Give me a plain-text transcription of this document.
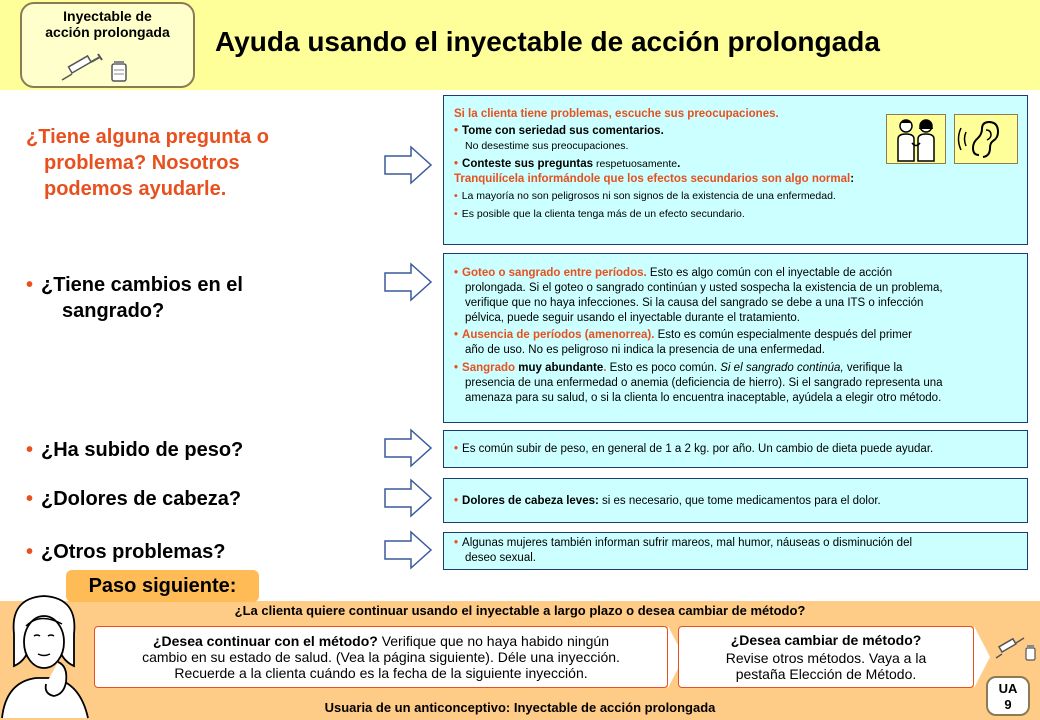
Inyectable de
acción prolongada	Ayuda usando el inyectable de acción prolongada
¿Tiene alguna pregunta o
problema? Nosotros
podemos ayudarle.
• ¿Tiene cambios en el
sangrado?
• ¿Ha subido de peso?
• ¿Dolores de cabeza?
• ¿Otros problemas?
Si la clienta tiene problemas, escuche sus preocupaciones.
• Tome con seriedad sus comentarios.
No desestime sus preocupaciones.
• Conteste sus preguntas respetuosamente.
Tranquilícela informándole que los efectos secundarios son algo normal:
• La mayoría no son peligrosos ni son signos de la existencia de una enfermedad.
• Es posible que la clienta tenga más de un efecto secundario.
• Goteo o sangrado entre períodos. Esto es algo común con el inyectable de acción
prolongada. Si el goteo o sangrado continúan y usted sospecha la existencia de un problema,
verifique que no haya infecciones. Si la causa del sangrado se debe a una ITS o infección
pélvica, puede seguir usando el inyectable durante el tratamiento.
• Ausencia de períodos (amenorrea). Esto es común especialmente después del primer
año de uso. No es peligroso ni indica la presencia de una enfermedad.
• Sangrado muy abundante. Esto es poco común. Si el sangrado continúa, verifique la
presencia de una enfermedad o anemia (deficiencia de hierro). Si el sangrado representa una
amenaza para su salud, o si la clienta lo encuentra inaceptable, ayúdela a elegir otro método.
• Es común subir de peso, en general de 1 a 2 kg. por año. Un cambio de dieta puede ayudar.
• Dolores de cabeza leves: si es necesario, que tome medicamentos para el dolor.
• Algunas mujeres también informan sufrir mareos, mal humor, náuseas o disminución del
deseo sexual.
Paso siguiente:
¿La clienta quiere continuar usando el inyectable a largo plazo o desea cambiar de método?
¿Desea continuar con el método? Verifique que no haya habido ningún
cambio en su estado de salud. (Vea la página siguiente). Déle una inyección.
Recuerde a la clienta cuándo es la fecha de la siguiente inyección.
¿Desea cambiar de método?
Revise otros métodos. Vaya a la
pestaña Elección de Método.
UA
9
Usuaria de un anticonceptivo: Inyectable de acción prolongada
